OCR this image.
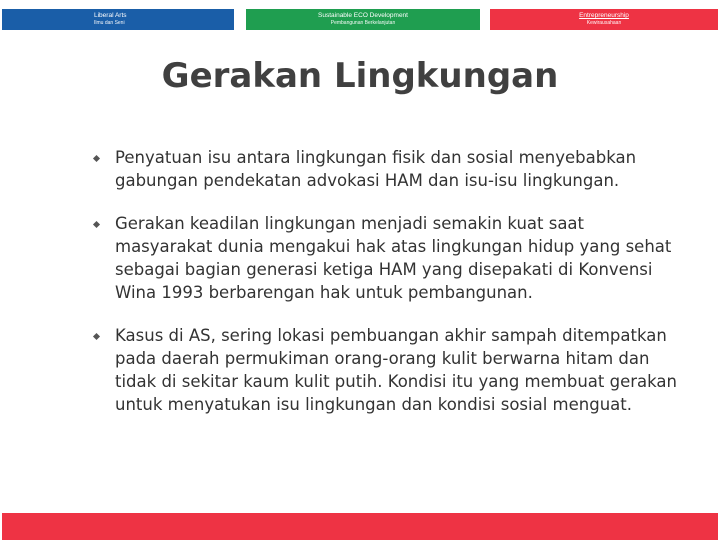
Liberal Arts
Ilmu dan Seni
Sustainable ECO Development
Pembangunan Berkelanjutan
Entrepreneurship
Kewirausahaan
Gerakan Lingkungan
Penyatuan isu antara lingkungan fisik dan sosial menyebabkan gabungan pendekatan advokasi HAM dan isu-isu lingkungan.
Gerakan keadilan lingkungan menjadi semakin kuat saat masyarakat dunia mengakui hak atas lingkungan hidup yang sehat sebagai bagian generasi ketiga HAM yang disepakati di Konvensi Wina 1993 berbarengan hak untuk pembangunan.
Kasus di AS, sering lokasi pembuangan akhir sampah ditempatkan pada daerah permukiman orang-orang kulit berwarna hitam dan tidak di sekitar kaum kulit putih. Kondisi itu yang membuat gerakan untuk menyatukan isu lingkungan dan kondisi sosial menguat.
